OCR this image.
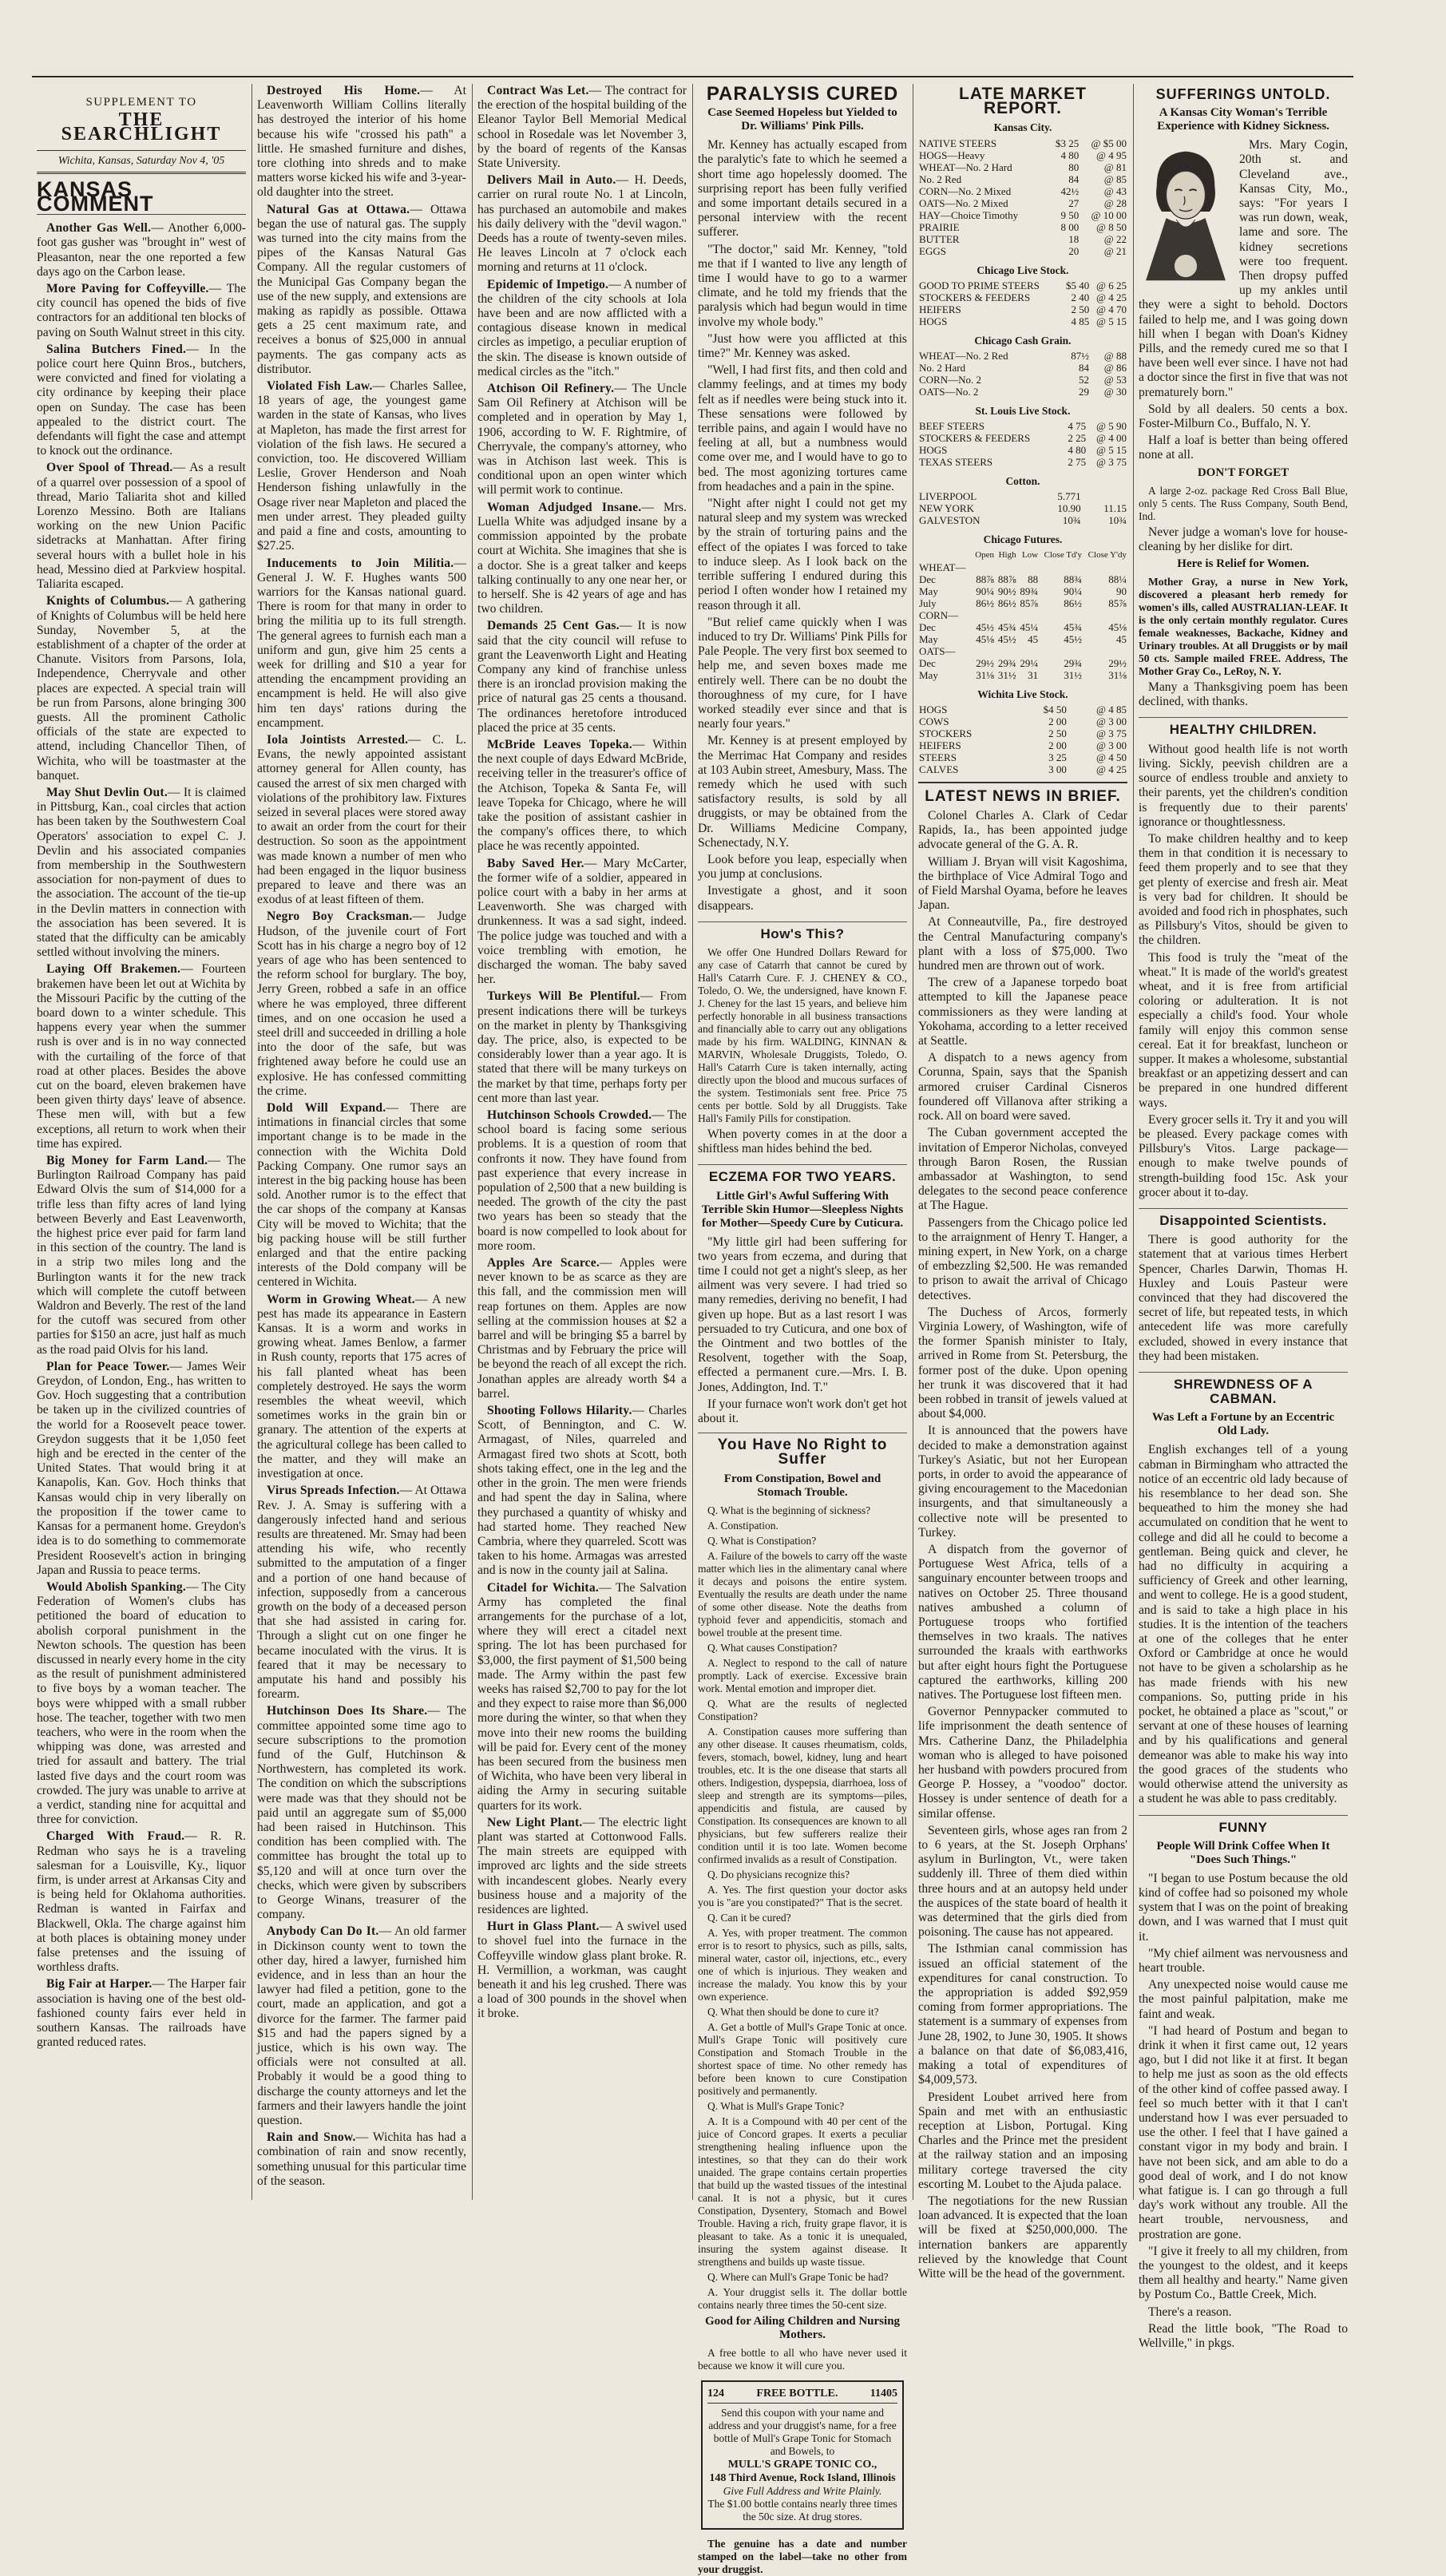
SUPPLEMENT TO
THE SEARCHLIGHT
Wichita, Kansas, Saturday Nov 4, '05
KANSAS COMMENT

Another Gas Well.— Another 6,000-foot gas gusher was "brought in" west of Pleasanton, near the one reported a few days ago on the Carbon lease.

More Paving for Coffeyville.— The city council has opened the bids of five contractors for an additional ten blocks of paving on South Walnut street in this city.

Salina Butchers Fined.— In the police court here Quinn Bros., butchers, were convicted and fined for violating a city ordinance by keeping their place open on Sunday. The case has been appealed to the district court. The defendants will fight the case and attempt to knock out the ordinance.

Over Spool of Thread.— As a result of a quarrel over possession of a spool of thread, Mario Taliarita shot and killed Lorenzo Messino. Both are Italians working on the new Union Pacific sidetracks at Manhattan. After firing several hours with a bullet hole in his head, Messino died at Parkview hospital. Taliarita escaped.

Knights of Columbus.— A gathering of Knights of Columbus will be held here Sunday, November 5, at the establishment of a chapter of the order at Chanute. Visitors from Parsons, Iola, Independence, Cherryvale and other places are expected. A special train will be run from Parsons, alone bringing 300 guests. All the prominent Catholic officials of the state are expected to attend, including Chancellor Tihen, of Wichita, who will be toastmaster at the banquet.

May Shut Devlin Out.— It is claimed in Pittsburg, Kan., coal circles that action has been taken by the Southwestern Coal Operators' association to expel C. J. Devlin and his associated companies from membership in the Southwestern association for non-payment of dues to the association. The account of the tie-up in the Devlin matters in connection with the association has been severed. It is stated that the difficulty can be amicably settled without involving the miners.

Laying Off Brakemen.— Fourteen brakemen have been let out at Wichita by the Missouri Pacific by the cutting of the board down to a winter schedule. This happens every year when the summer rush is over and is in no way connected with the curtailing of the force of that road at other places. Besides the above cut on the board, eleven brakemen have been given thirty days' leave of absence. These men will, with but a few exceptions, all return to work when their time has expired.

Big Money for Farm Land.— The Burlington Railroad Company has paid Edward Olvis the sum of $14,000 for a trifle less than fifty acres of land lying between Beverly and East Leavenworth, the highest price ever paid for farm land in this section of the country. The land is in a strip two miles long and the Burlington wants it for the new track which will complete the cutoff between Waldron and Beverly. The rest of the land for the cutoff was secured from other parties for $150 an acre, just half as much as the road paid Olvis for his land.

Plan for Peace Tower.— James Weir Greydon, of London, Eng., has written to Gov. Hoch suggesting that a contribution be taken up in the civilized countries of the world for a Roosevelt peace tower. Greydon suggests that it be 1,050 feet high and be erected in the center of the United States. That would bring it at Kanapolis, Kan. Gov. Hoch thinks that Kansas would chip in very liberally on the proposition if the tower came to Kansas for a permanent home. Greydon's idea is to do something to commemorate President Roosevelt's action in bringing Japan and Russia to peace terms.

Would Abolish Spanking.— The City Federation of Women's clubs has petitioned the board of education to abolish corporal punishment in the Newton schools. The question has been discussed in nearly every home in the city as the result of punishment administered to five boys by a woman teacher. The boys were whipped with a small rubber hose. The teacher, together with two men teachers, who were in the room when the whipping was done, was arrested and tried for assault and battery. The trial lasted five days and the court room was crowded. The jury was unable to arrive at a verdict, standing nine for acquittal and three for conviction.

Charged With Fraud.— R. R. Redman who says he is a traveling salesman for a Louisville, Ky., liquor firm, is under arrest at Arkansas City and is being held for Oklahoma authorities. Redman is wanted in Fairfax and Blackwell, Okla. The charge against him at both places is obtaining money under false pretenses and the issuing of worthless drafts.

Big Fair at Harper.— The Harper fair association is having one of the best old-fashioned county fairs ever held in southern Kansas. The railroads have granted reduced rates.

Destroyed His Home.— At Leavenworth William Collins literally has destroyed the interior of his home because his wife "crossed his path" a little. He smashed furniture and dishes, tore clothing into shreds and to make matters worse kicked his wife and 3-year-old daughter into the street.

Natural Gas at Ottawa.— Ottawa began the use of natural gas. The supply was turned into the city mains from the pipes of the Kansas Natural Gas Company. All the regular customers of the Municipal Gas Company began the use of the new supply, and extensions are making as rapidly as possible. Ottawa gets a 25 cent maximum rate, and receives a bonus of $25,000 in annual payments. The gas company acts as distributor.

Violated Fish Law.— Charles Sallee, 18 years of age, the youngest game warden in the state of Kansas, who lives at Mapleton, has made the first arrest for violation of the fish laws. He secured a conviction, too. He discovered William Leslie, Grover Henderson and Noah Henderson fishing unlawfully in the Osage river near Mapleton and placed the men under arrest. They pleaded guilty and paid a fine and costs, amounting to $27.25.

Inducements to Join Militia.— General J. W. F. Hughes wants 500 warriors for the Kansas national guard. There is room for that many in order to bring the militia up to its full strength. The general agrees to furnish each man a uniform and gun, give him 25 cents a week for drilling and $10 a year for attending the encampment providing an encampment is held. He will also give him ten days' rations during the encampment.

Iola Jointists Arrested.— C. L. Evans, the newly appointed assistant attorney general for Allen county, has caused the arrest of six men charged with violations of the prohibitory law. Fixtures seized in several places were stored away to await an order from the court for their destruction. So soon as the appointment was made known a number of men who had been engaged in the liquor business prepared to leave and there was an exodus of at least fifteen of them.

Negro Boy Cracksman.— Judge Hudson, of the juvenile court of Fort Scott has in his charge a negro boy of 12 years of age who has been sentenced to the reform school for burglary. The boy, Jerry Green, robbed a safe in an office where he was employed, three different times, and on one occasion he used a steel drill and succeeded in drilling a hole into the door of the safe, but was frightened away before he could use an explosive. He has confessed committing the crime.

Dold Will Expand.— There are intimations in financial circles that some important change is to be made in the connection with the Wichita Dold Packing Company. One rumor says an interest in the big packing house has been sold. Another rumor is to the effect that the car shops of the company at Kansas City will be moved to Wichita; that the big packing house will be still further enlarged and that the entire packing interests of the Dold company will be centered in Wichita.

Worm in Growing Wheat.— A new pest has made its appearance in Eastern Kansas. It is a worm and works in growing wheat. James Benlow, a farmer in Rush county, reports that 175 acres of his fall planted wheat has been completely destroyed. He says the worm resembles the wheat weevil, which sometimes works in the grain bin or granary. The attention of the experts at the agricultural college has been called to the matter, and they will make an investigation at once.

Virus Spreads Infection.— At Ottawa Rev. J. A. Smay is suffering with a dangerously infected hand and serious results are threatened. Mr. Smay had been attending his wife, who recently submitted to the amputation of a finger and a portion of one hand because of infection, supposedly from a cancerous growth on the body of a deceased person that she had assisted in caring for. Through a slight cut on one finger he became inoculated with the virus. It is feared that it may be necessary to amputate his hand and possibly his forearm.

Hutchinson Does Its Share.— The committee appointed some time ago to secure subscriptions to the promotion fund of the Gulf, Hutchinson & Northwestern, has completed its work. The condition on which the subscriptions were made was that they should not be paid until an aggregate sum of $5,000 had been raised in Hutchinson. This condition has been complied with. The committee has brought the total up to $5,120 and will at once turn over the checks, which were given by subscribers to George Winans, treasurer of the company.

Anybody Can Do It.— An old farmer in Dickinson county went to town the other day, hired a lawyer, furnished him evidence, and in less than an hour the lawyer had filed a petition, gone to the court, made an application, and got a divorce for the farmer. The farmer paid $15 and had the papers signed by a justice, which is his own way. The officials were not consulted at all. Probably it would be a good thing to discharge the county attorneys and let the farmers and their lawyers handle the joint question.

Rain and Snow.— Wichita has had a combination of rain and snow recently, something unusual for this particular time of the season.

Contract Was Let.— The contract for the erection of the hospital building of the Eleanor Taylor Bell Memorial Medical school in Rosedale was let November 3, by the board of regents of the Kansas State University.

Delivers Mail in Auto.— H. Deeds, carrier on rural route No. 1 at Lincoln, has purchased an automobile and makes his daily delivery with the "devil wagon." Deeds has a route of twenty-seven miles. He leaves Lincoln at 7 o'clock each morning and returns at 11 o'clock.

Epidemic of Impetigo.— A number of the children of the city schools at Iola have been and are now afflicted with a contagious disease known in medical circles as impetigo, a peculiar eruption of the skin. The disease is known outside of medical circles as the "itch."

Atchison Oil Refinery.— The Uncle Sam Oil Refinery at Atchison will be completed and in operation by May 1, 1906, according to W. F. Rightmire, of Cherryvale, the company's attorney, who was in Atchison last week. This is conditional upon an open winter which will permit work to continue.

Woman Adjudged Insane.— Mrs. Luella White was adjudged insane by a commission appointed by the probate court at Wichita. She imagines that she is a doctor. She is a great talker and keeps talking continually to any one near her, or to herself. She is 42 years of age and has two children.

Demands 25 Cent Gas.— It is now said that the city council will refuse to grant the Leavenworth Light and Heating Company any kind of franchise unless there is an ironclad provision making the price of natural gas 25 cents a thousand. The ordinances heretofore introduced placed the price at 35 cents.

McBride Leaves Topeka.— Within the next couple of days Edward McBride, receiving teller in the treasurer's office of the Atchison, Topeka & Santa Fe, will leave Topeka for Chicago, where he will take the position of assistant cashier in the company's offices there, to which place he was recently appointed.

Baby Saved Her.— Mary McCarter, the former wife of a soldier, appeared in police court with a baby in her arms at Leavenworth. She was charged with drunkenness. It was a sad sight, indeed. The police judge was touched and with a voice trembling with emotion, he discharged the woman. The baby saved her.

Turkeys Will Be Plentiful.— From present indications there will be turkeys on the market in plenty by Thanksgiving day. The price, also, is expected to be considerably lower than a year ago. It is stated that there will be many turkeys on the market by that time, perhaps forty per cent more than last year.

Hutchinson Schools Crowded.— The school board is facing some serious problems. It is a question of room that confronts it now. They have found from past experience that every increase in population of 2,500 that a new building is needed. The growth of the city the past two years has been so steady that the board is now compelled to look about for more room.

Apples Are Scarce.— Apples were never known to be as scarce as they are this fall, and the commission men will reap fortunes on them. Apples are now selling at the commission houses at $2 a barrel and will be bringing $5 a barrel by Christmas and by February the price will be beyond the reach of all except the rich. Jonathan apples are already worth $4 a barrel.

Shooting Follows Hilarity.— Charles Scott, of Bennington, and C. W. Armagast, of Niles, quarreled and Armagast fired two shots at Scott, both shots taking effect, one in the leg and the other in the groin. The men were friends and had spent the day in Salina, where they purchased a quantity of whisky and had started home. They reached New Cambria, where they quarreled. Scott was taken to his home. Armagas was arrested and is now in the county jail at Salina.

Citadel for Wichita.— The Salvation Army has completed the final arrangements for the purchase of a lot, where they will erect a citadel next spring. The lot has been purchased for $3,000, the first payment of $1,500 being made. The Army within the past few weeks has raised $2,700 to pay for the lot and they expect to raise more than $6,000 more during the winter, so that when they move into their new rooms the building will be paid for. Every cent of the money has been secured from the business men of Wichita, who have been very liberal in aiding the Army in securing suitable quarters for its work.

New Light Plant.— The electric light plant was started at Cottonwood Falls. The main streets are equipped with improved arc lights and the side streets with incandescent globes. Nearly every business house and a majority of the residences are lighted.

Hurt in Glass Plant.— A swivel used to shovel fuel into the furnace in the Coffeyville window glass plant broke. R. H. Vermillion, a workman, was caught beneath it and his leg crushed. There was a load of 300 pounds in the shovel when it broke.

PARALYSIS CURED
Case Seemed Hopeless but Yielded to Dr. Williams' Pink Pills.

Mr. Kenney has actually escaped from the paralytic's fate to which he seemed a short time ago hopelessly doomed. The surprising report has been fully verified and some important details secured in a personal interview with the recent sufferer.

"The doctor," said Mr. Kenney, "told me that if I wanted to live any length of time I would have to go to a warmer climate, and he told my friends that the paralysis which had begun would in time involve my whole body."

"Just how were you afflicted at this time?" Mr. Kenney was asked.

"Well, I had first fits, and then cold and clammy feelings, and at times my body felt as if needles were being stuck into it. These sensations were followed by terrible pains, and again I would have no feeling at all, but a numbness would come over me, and I would have to go to bed. The most agonizing tortures came from headaches and a pain in the spine.

"Night after night I could not get my natural sleep and my system was wrecked by the strain of torturing pains and the effect of the opiates I was forced to take to induce sleep. As I look back on the terrible suffering I endured during this period I often wonder how I retained my reason through it all.

"But relief came quickly when I was induced to try Dr. Williams' Pink Pills for Pale People. The very first box seemed to help me, and seven boxes made me entirely well. There can be no doubt the thoroughness of my cure, for I have worked steadily ever since and that is nearly four years."

Mr. Kenney is at present employed by the Merrimac Hat Company and resides at 103 Aubin street, Amesbury, Mass. The remedy which he used with such satisfactory results, is sold by all druggists, or may be obtained from the Dr. Williams Medicine Company, Schenectady, N.Y.

Look before you leap, especially when you jump at conclusions.

Investigate a ghost, and it soon disappears.

How's This?

We offer One Hundred Dollars Reward for any case of Catarrh that cannot be cured by Hall's Catarrh Cure. F. J. CHENEY & CO., Toledo, O. We, the undersigned, have known F. J. Cheney for the last 15 years, and believe him perfectly honorable in all business transactions and financially able to carry out any obligations made by his firm. WALDING, KINNAN & MARVIN, Wholesale Druggists, Toledo, O. Hall's Catarrh Cure is taken internally, acting directly upon the blood and mucous surfaces of the system. Testimonials sent free. Price 75 cents per bottle. Sold by all Druggists. Take Hall's Family Pills for constipation.

When poverty comes in at the door a shiftless man hides behind the bed.

ECZEMA FOR TWO YEARS.
Little Girl's Awful Suffering With Terrible Skin Humor—Sleepless Nights for Mother—Speedy Cure by Cuticura.

"My little girl had been suffering for two years from eczema, and during that time I could not get a night's sleep, as her ailment was very severe. I had tried so many remedies, deriving no benefit, I had given up hope. But as a last resort I was persuaded to try Cuticura, and one box of the Ointment and two bottles of the Resolvent, together with the Soap, effected a permanent cure.—Mrs. I. B. Jones, Addington, Ind. T."

If your furnace won't work don't get hot about it.

You Have No Right to Suffer
From Constipation, Bowel and Stomach Trouble.

Q. What is the beginning of sickness?

A. Constipation.

Q. What is Constipation?

A. Failure of the bowels to carry off the waste matter which lies in the alimentary canal where it decays and poisons the entire system. Eventually the results are death under the name of some other disease. Note the deaths from typhoid fever and appendicitis, stomach and bowel trouble at the present time.

Q. What causes Constipation?

A. Neglect to respond to the call of nature promptly. Lack of exercise. Excessive brain work. Mental emotion and improper diet.

Q. What are the results of neglected Constipation?

A. Constipation causes more suffering than any other disease. It causes rheumatism, colds, fevers, stomach, bowel, kidney, lung and heart troubles, etc. It is the one disease that starts all others. Indigestion, dyspepsia, diarrhoea, loss of sleep and strength are its symptoms—piles, appendicitis and fistula, are caused by Constipation. Its consequences are known to all physicians, but few sufferers realize their condition until it is too late. Women become confirmed invalids as a result of Constipation.

Q. Do physicians recognize this?

A. Yes. The first question your doctor asks you is "are you constipated?" That is the secret.

Q. Can it be cured?

A. Yes, with proper treatment. The common error is to resort to physics, such as pills, salts, mineral water, castor oil, injections, etc., every one of which is injurious. They weaken and increase the malady. You know this by your own experience.

Q. What then should be done to cure it?

A. Get a bottle of Mull's Grape Tonic at once. Mull's Grape Tonic will positively cure Constipation and Stomach Trouble in the shortest space of time. No other remedy has before been known to cure Constipation positively and permanently.

Q. What is Mull's Grape Tonic?

A. It is a Compound with 40 per cent of the juice of Concord grapes. It exerts a peculiar strengthening healing influence upon the intestines, so that they can do their work unaided. The grape contains certain properties that build up the wasted tissues of the intestinal canal. It is not a physic, but it cures Constipation, Dysentery, Stomach and Bowel Trouble. Having a rich, fruity grape flavor, it is pleasant to take. As a tonic it is unequaled, insuring the system against disease. It strengthens and builds up waste tissue.

Q. Where can Mull's Grape Tonic be had?

A. Your druggist sells it. The dollar bottle contains nearly three times the 50-cent size.

Good for Ailing Children and Nursing Mothers.

A free bottle to all who have never used it because we know it will cure you.

124	FREE BOTTLE.	11405
Send this coupon with your name and address and your druggist's name, for a free bottle of Mull's Grape Tonic for Stomach and Bowels, to
MULL'S GRAPE TONIC CO.,
148 Third Avenue, Rock Island, Illinois
Give Full Address and Write Plainly.
The $1.00 bottle contains nearly three times the 50c size. At drug stores.

The genuine has a date and number stamped on the label—take no other from your druggist.

LATE MARKET REPORT.
Kansas City.
NATIVE STEERS	$3 25	@ $5 00
HOGS—Heavy	4 80	@ 4 95
WHEAT—No. 2 Hard	80	@ 81
No. 2 Red	84	@ 85
CORN—No. 2 Mixed	42½	@ 43
OATS—No. 2 Mixed	27	@ 28
HAY—Choice Timothy	9 50	@ 10 00
PRAIRIE	8 00	@ 8 50
BUTTER	18	@ 22
EGGS	20	@ 21
Chicago Live Stock.
GOOD TO PRIME STEERS	$5 40	@ 6 25
STOCKERS & FEEDERS	2 40	@ 4 25
HEIFERS	2 50	@ 4 70
HOGS	4 85	@ 5 15
Chicago Cash Grain.
WHEAT—No. 2 Red	87½	@ 88
No. 2 Hard	84	@ 86
CORN—No. 2	52	@ 53
OATS—No. 2	29	@ 30
St. Louis Live Stock.
BEEF STEERS	4 75	@ 5 90
STOCKERS & FEEDERS	2 25	@ 4 00
HOGS	4 80	@ 5 15
TEXAS STEERS	2 75	@ 3 75
Cotton.
LIVERPOOL	5.771	
NEW YORK	10.90	11.15
GALVESTON	10¾	10¾
Chicago Futures.
	Open	High	Low	Close Td'y	Close Y'dy
WHEAT—					
Dec	88⅞	88⅞	88	88¾	88¼
May	90¼	90½	89¾	90¼	90
July	86½	86½	85⅞	86½	85⅞
CORN—					
Dec	45½	45¾	45¼	45¾	45⅛
May	45⅛	45½	45	45½	45
OATS—					
Dec	29½	29¾	29¼	29¾	29½
May	31⅛	31½	31	31½	31⅛
Wichita Live Stock.
HOGS	$4 50	@ 4 85
COWS	2 00	@ 3 00
STOCKERS	2 50	@ 3 75
HEIFERS	2 00	@ 3 00
STEERS	3 25	@ 4 50
CALVES	3 00	@ 4 25
LATEST NEWS IN BRIEF.

Colonel Charles A. Clark of Cedar Rapids, Ia., has been appointed judge advocate general of the G. A. R.

William J. Bryan will visit Kagoshima, the birthplace of Vice Admiral Togo and of Field Marshal Oyama, before he leaves Japan.

At Conneautville, Pa., fire destroyed the Central Manufacturing company's plant with a loss of $75,000. Two hundred men are thrown out of work.

The crew of a Japanese torpedo boat attempted to kill the Japanese peace commissioners as they were landing at Yokohama, according to a letter received at Seattle.

A dispatch to a news agency from Corunna, Spain, says that the Spanish armored cruiser Cardinal Cisneros foundered off Villanova after striking a rock. All on board were saved.

The Cuban government accepted the invitation of Emperor Nicholas, conveyed through Baron Rosen, the Russian ambassador at Washington, to send delegates to the second peace conference at The Hague.

Passengers from the Chicago police led to the arraignment of Henry T. Hanger, a mining expert, in New York, on a charge of embezzling $2,500. He was remanded to prison to await the arrival of Chicago detectives.

The Duchess of Arcos, formerly Virginia Lowery, of Washington, wife of the former Spanish minister to Italy, arrived in Rome from St. Petersburg, the former post of the duke. Upon opening her trunk it was discovered that it had been robbed in transit of jewels valued at about $4,000.

It is announced that the powers have decided to make a demonstration against Turkey's Asiatic, but not her European ports, in order to avoid the appearance of giving encouragement to the Macedonian insurgents, and that simultaneously a collective note will be presented to Turkey.

A dispatch from the governor of Portuguese West Africa, tells of a sanguinary encounter between troops and natives on October 25. Three thousand natives ambushed a column of Portuguese troops who fortified themselves in two kraals. The natives surrounded the kraals with earthworks but after eight hours fight the Portuguese captured the earthworks, killing 200 natives. The Portuguese lost fifteen men.

Governor Pennypacker commuted to life imprisonment the death sentence of Mrs. Catherine Danz, the Philadelphia woman who is alleged to have poisoned her husband with powders procured from George P. Hossey, a "voodoo" doctor. Hossey is under sentence of death for a similar offense.

Seventeen girls, whose ages ran from 2 to 6 years, at the St. Joseph Orphans' asylum in Burlington, Vt., were taken suddenly ill. Three of them died within three hours and at an autopsy held under the auspices of the state board of health it was determined that the girls died from poisoning. The cause has not appeared.

The Isthmian canal commission has issued an official statement of the expenditures for canal construction. To the appropriation is added $92,959 coming from former appropriations. The statement is a summary of expenses from June 28, 1902, to June 30, 1905. It shows a balance on that date of $6,083,416, making a total of expenditures of $4,009,573.

President Loubet arrived here from Spain and met with an enthusiastic reception at Lisbon, Portugal. King Charles and the Prince met the president at the railway station and an imposing military cortege traversed the city escorting M. Loubet to the Ajuda palace.

The negotiations for the new Russian loan advanced. It is expected that the loan will be fixed at $250,000,000. The internation bankers are apparently relieved by the knowledge that Count Witte will be the head of the government.

SUFFERINGS UNTOLD.
A Kansas City Woman's Terrible Experience with Kidney Sickness.

Mrs. Mary Cogin, 20th st. and Cleveland ave., Kansas City, Mo., says: "For years I was run down, weak, lame and sore. The kidney secretions were too frequent. Then dropsy puffed up my ankles until they were a sight to behold. Doctors failed to help me, and I was going down hill when I began with Doan's Kidney Pills, and the remedy cured me so that I have been well ever since. I have not had a doctor since the first in five that was not prematurely born."

Sold by all dealers. 50 cents a box. Foster-Milburn Co., Buffalo, N. Y.

Half a loaf is better than being offered none at all.

DON'T FORGET

A large 2-oz. package Red Cross Ball Blue, only 5 cents. The Russ Company, South Bend, Ind.

Never judge a woman's love for house-cleaning by her dislike for dirt.

Here is Relief for Women.

Mother Gray, a nurse in New York, discovered a pleasant herb remedy for women's ills, called AUSTRALIAN-LEAF. It is the only certain monthly regulator. Cures female weaknesses, Backache, Kidney and Urinary troubles. At all Druggists or by mail 50 cts. Sample mailed FREE. Address, The Mother Gray Co., LeRoy, N. Y.

Many a Thanksgiving poem has been declined, with thanks.

HEALTHY CHILDREN.

Without good health life is not worth living. Sickly, peevish children are a source of endless trouble and anxiety to their parents, yet the children's condition is frequently due to their parents' ignorance or thoughtlessness.

To make children healthy and to keep them in that condition it is necessary to feed them properly and to see that they get plenty of exercise and fresh air. Meat is very bad for children. It should be avoided and food rich in phosphates, such as Pillsbury's Vitos, should be given to the children.

This food is truly the "meat of the wheat." It is made of the world's greatest wheat, and it is free from artificial coloring or adulteration. It is not especially a child's food. Your whole family will enjoy this common sense cereal. Eat it for breakfast, luncheon or supper. It makes a wholesome, substantial breakfast or an appetizing dessert and can be prepared in one hundred different ways.

Every grocer sells it. Try it and you will be pleased. Every package comes with Pillsbury's Vitos. Large package—enough to make twelve pounds of strength-building food 15c. Ask your grocer about it to-day.

Disappointed Scientists.

There is good authority for the statement that at various times Herbert Spencer, Charles Darwin, Thomas H. Huxley and Louis Pasteur were convinced that they had discovered the secret of life, but repeated tests, in which antecedent life was more carefully excluded, showed in every instance that they had been mistaken.

SHREWDNESS OF A CABMAN.
Was Left a Fortune by an Eccentric Old Lady.

English exchanges tell of a young cabman in Birmingham who attracted the notice of an eccentric old lady because of his resemblance to her dead son. She bequeathed to him the money she had accumulated on condition that he went to college and did all he could to become a gentleman. Being quick and clever, he had no difficulty in acquiring a sufficiency of Greek and other learning, and went to college. He is a good student, and is said to take a high place in his studies. It is the intention of the teachers at one of the colleges that he enter Oxford or Cambridge at once he would not have to be given a scholarship as he has made friends with his new companions. So, putting pride in his pocket, he obtained a place as "scout," or servant at one of these houses of learning and by his qualifications and general demeanor was able to make his way into the good graces of the students who would otherwise attend the university as a student he was able to pass creditably.

FUNNY
People Will Drink Coffee When It "Does Such Things."

"I began to use Postum because the old kind of coffee had so poisoned my whole system that I was on the point of breaking down, and I was warned that I must quit it.

"My chief ailment was nervousness and heart trouble.

Any unexpected noise would cause me the most painful palpitation, make me faint and weak.

"I had heard of Postum and began to drink it when it first came out, 12 years ago, but I did not like it at first. It began to help me just as soon as the old effects of the other kind of coffee passed away. I feel so much better with it that I can't understand how I was ever persuaded to use the other. I feel that I have gained a constant vigor in my body and brain. I have not been sick, and am able to do a good deal of work, and I do not know what fatigue is. I can go through a full day's work without any trouble. All the heart trouble, nervousness, and prostration are gone.

"I give it freely to all my children, from the youngest to the oldest, and it keeps them all healthy and hearty." Name given by Postum Co., Battle Creek, Mich.

There's a reason.

Read the little book, "The Road to Wellville," in pkgs.
